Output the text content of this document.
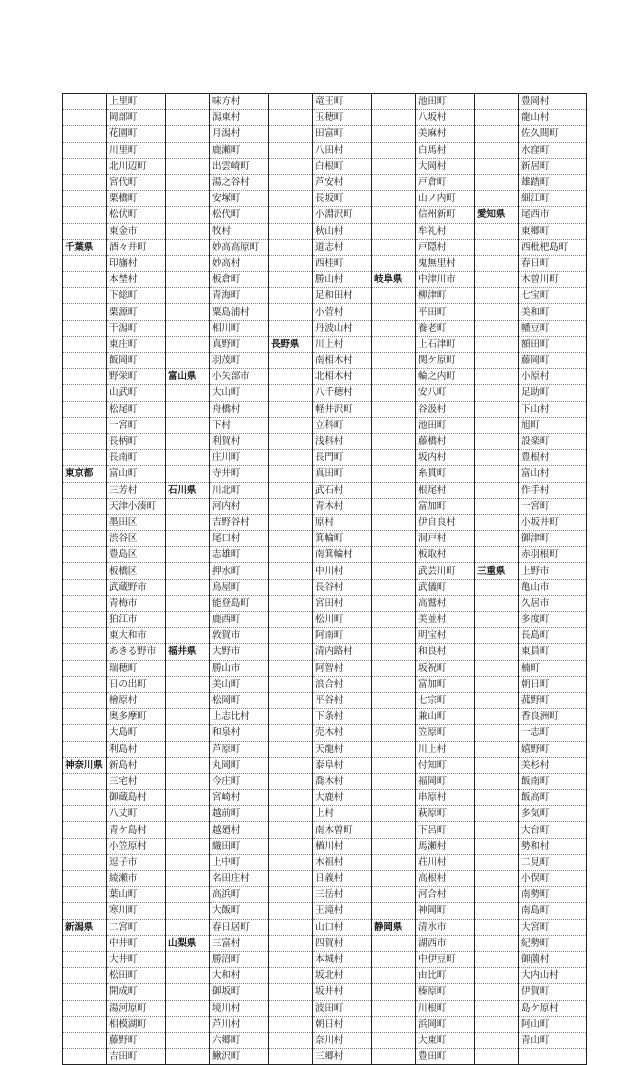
	上里町		味方村		竜王町		池田町		豊岡村
	岡部町		潟東村		玉穂町		八坂村		龍山村
	花園町		月潟村		田富町		美麻村		佐久間町
	川里町		鹿瀬町		八田村		白馬村		水窪町
	北川辺町		出雲崎町		白根町		大岡村		新居町
	宮代町		湯之谷村		芦安村		戸倉町		雄踏町
	栗橋町		安塚町		長坂町		山ノ内町		細江町
	松伏町		松代町		小淵沢町		信州新町	愛知県	尾西市
	東金市		牧村		秋山村		牟礼村		東郷町
千葉県	酒々井町		妙高高原町		道志村		戸隠村		西枇杷島町
	印旛村		妙高村		西桂町		鬼無里村		春日町
	本埜村		板倉町		勝山村	岐阜県	中津川市		木曽川町
	下総町		青海町		足和田村		柳津町		七宝町
	栗源町		粟島浦村		小菅村		平田町		美和町
	干潟町		相川町		丹波山村		養老町		幡豆町
	東庄町		真野町	長野県	川上村		上石津町		額田町
	飯岡町		羽茂町		南相木村		関ケ原町		藤岡町
	野栄町	富山県	小矢部市		北相木村		輪之内町		小原村
	山武町		大山町		八千穂村		安八町		足助町
	松尾町		舟橋村		軽井沢町		谷汲村		下山村
	一宮町		下村		立科町		池田町		旭町
	長柄町		利賀村		浅科村		藤橋村		設楽町
	長南町		庄川町		長門町		坂内村		豊根村
東京都	富山町		寺井町		真田町		糸貫町		富山村
	三芳村	石川県	川北町		武石村		根尾村		作手村
	天津小湊町		河内村		青木村		富加町		一宮町
	墨田区		吉野谷村		原村		伊自良村		小坂井町
	渋谷区		尾口村		箕輪町		洞戸村		御津町
	豊島区		志雄町		南箕輪村		板取村		赤羽根町
	板橋区		押水町		中川村		武芸川町	三重県	上野市
	武蔵野市		鳥屋町		長谷村		武儀町		亀山市
	青梅市		能登島町		宮田村		高鷲村		久居市
	狛江市		鹿西町		松川町		美並村		多度町
	東大和市		敦賀市		阿南町		明宝村		長島町
	あきる野市	福井県	大野市		清内路村		和良村		東員町
	瑞穂町		勝山市		阿智村		坂祝町		楠町
	日の出町		美山町		浪合村		富加町		朝日町
	檜原村		松岡町		平谷村		七宗町		菰野町
	奥多摩町		上志比村		下条村		兼山町		香良洲町
	大島町		和泉村		売木村		笠原町		一志町
	利島村		芦原町		天龍村		川上村		嬉野町
神奈川県	新島村		丸岡町		泰阜村		付知町		美杉村
	三宅村		今庄町		喬木村		福岡町		飯南町
	御蔵島村		宮崎村		大鹿村		串原村		飯高町
	八丈町		越前町		上村		萩原町		多気町
	青ケ島村		越廼村		南木曽町		下呂町		大台町
	小笠原村		織田町		楢川村		馬瀬村		勢和村
	逗子市		上中町		木祖村		荘川村		二見町
	綾瀬市		名田庄村		日義村		高根村		小俣町
	葉山町		高浜町		三岳村		河合村		南勢町
	寒川町		大飯町		王滝村		神岡町		南島町
新潟県	二宮町		春日居町		山口村	静岡県	清水市		大宮町
	中井町	山梨県	三富村		四賀村		湖西市		紀勢町
	大井町		勝沼町		本城村		中伊豆町		御薗村
	松田町		大和村		坂北村		由比町		大内山村
	開成町		御坂町		坂井村		榛原町		伊賀町
	湯河原町		境川村		波田町		川根町		島ケ原村
	相模湖町		芦川村		朝日村		浜岡町		阿山町
	藤野町		六郷町		奈川村		大東町		青山町
	吉田町		鰍沢町		三郷村		豊田町		
